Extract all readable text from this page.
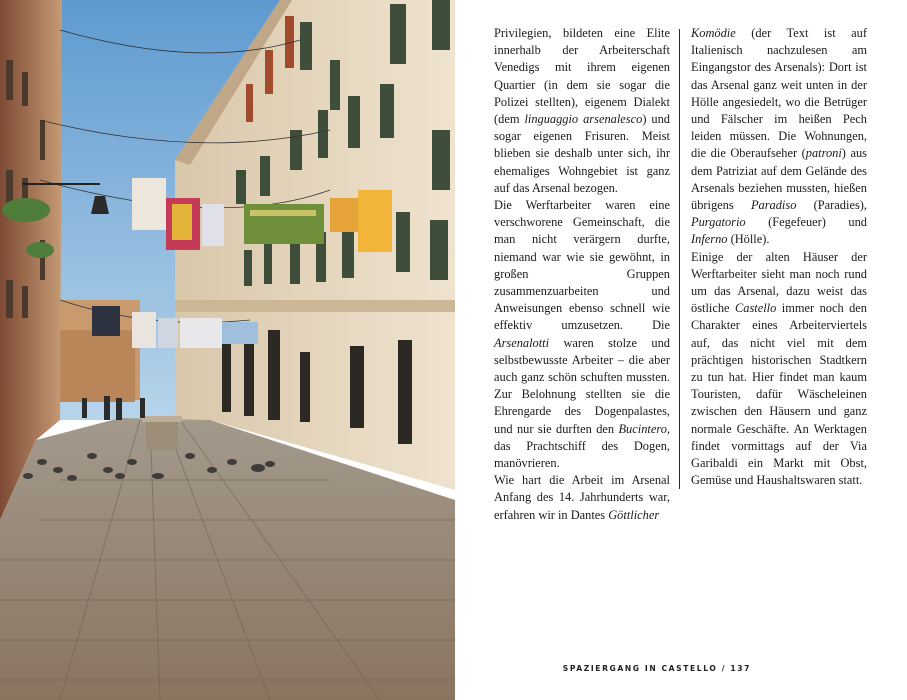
Privilegien, bildeten eine Elite innerhalb der Arbeiterschaft Venedigs mit ihrem eigenen Quartier (in dem sie sogar die Polizei stellten), eigenem Dialekt (dem linguaggio arsenalesco) und sogar eigenen Frisuren. Meist blieben sie deshalb unter sich, ihr ehemaliges Wohngebiet ist ganz auf das Arsenal bezogen.

Die Werftarbeiter waren eine verschworene Gemeinschaft, die man nicht verärgern durfte, niemand war wie sie gewöhnt, in großen Gruppen zusammenzuarbeiten und Anweisungen ebenso schnell wie effektiv umzusetzen. Die Arsenalotti waren stolze und selbstbewusste Arbeiter – die aber auch ganz schön schuften mussten. Zur Belohnung stellten sie die Ehrengarde des Dogenpalastes, und nur sie durften den Bucintero, das Prachtschiff des Dogen, manövrieren.

Wie hart die Arbeit im Arsenal Anfang des 14. Jahrhunderts war, erfahren wir in Dantes Göttlicher

Komödie (der Text ist auf Italienisch nachzulesen am Eingangstor des Arsenals): Dort ist das Arsenal ganz weit unten in der Hölle angesiedelt, wo die Betrüger und Fälscher im heißen Pech leiden müssen. Die Wohnungen, die die Oberaufseher (patroni) aus dem Patriziat auf dem Gelände des Arsenals beziehen mussten, hießen übrigens Paradiso (Paradies), Purgatorio (Fegefeuer) und Inferno (Hölle).

Einige der alten Häuser der Werftarbeiter sieht man noch rund um das Arsenal, dazu weist das östliche Castello immer noch den Charakter eines Arbeiterviertels auf, das nicht viel mit dem prächtigen historischen Stadtkern zu tun hat. Hier findet man kaum Touristen, dafür Wäscheleinen zwischen den Häusern und ganz normale Geschäfte. An Werktagen findet vormittags auf der Via Garibaldi ein Markt mit Obst, Gemüse und Haushaltswaren statt.

SPAZIERGANG IN CASTELLO / 137
